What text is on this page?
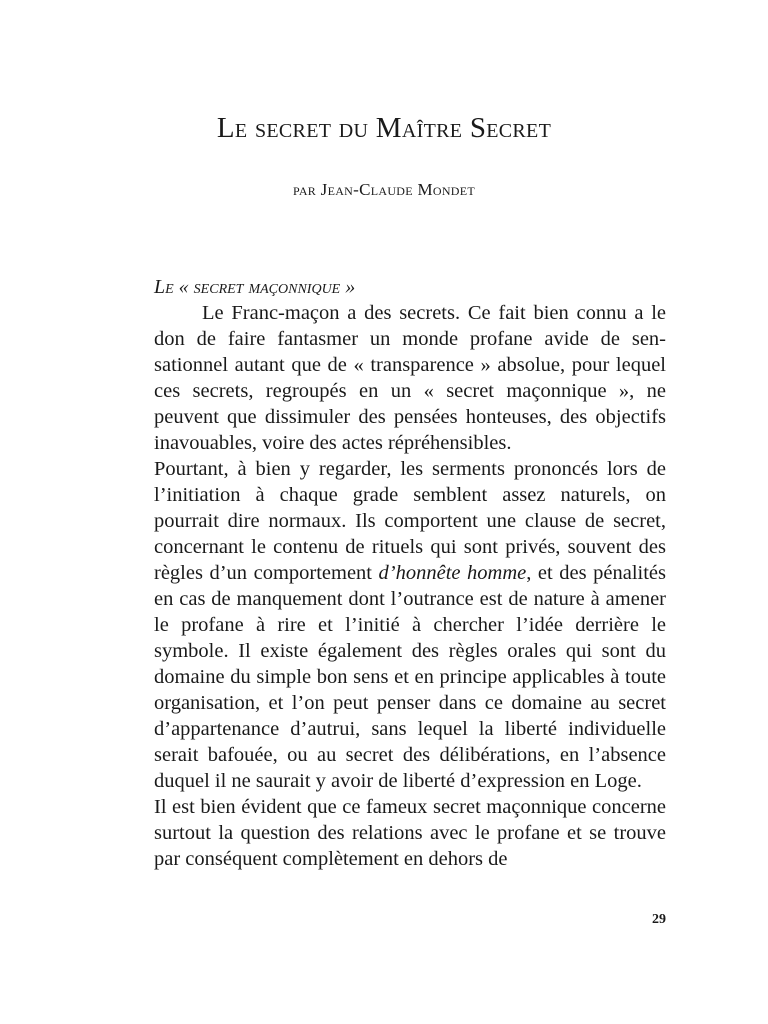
Le secret du Maître Secret
par Jean-Claude Mondet
Le « secret maçonnique »

Le Franc-maçon a des secrets. Ce fait bien connu a le don de faire fantasmer un monde profane avide de sensationnel autant que de « transparence » absolue, pour lequel ces secrets, regroupés en un « secret maçonnique », ne peuvent que dissimuler des pensées honteuses, des objectifs inavouables, voire des actes répréhensibles.

Pourtant, à bien y regarder, les serments prononcés lors de l’initiation à chaque grade semblent assez naturels, on pourrait dire normaux. Ils comportent une clause de secret, concernant le contenu de rituels qui sont privés, souvent des règles d’un comportement d’honnête homme, et des pénalités en cas de manquement dont l’outrance est de nature à amener le profane à rire et l’initié à chercher l’idée derrière le symbole. Il existe également des règles orales qui sont du domaine du simple bon sens et en principe applicables à toute organisation, et l’on peut penser dans ce domaine au secret d’appartenance d’autrui, sans lequel la liberté individuelle serait bafouée, ou au secret des délibérations, en l’absence duquel il ne saurait y avoir de liberté d’expression en Loge.

Il est bien évident que ce fameux secret maçonnique concerne surtout la question des relations avec le profane et se trouve par conséquent complètement en dehors de

29
